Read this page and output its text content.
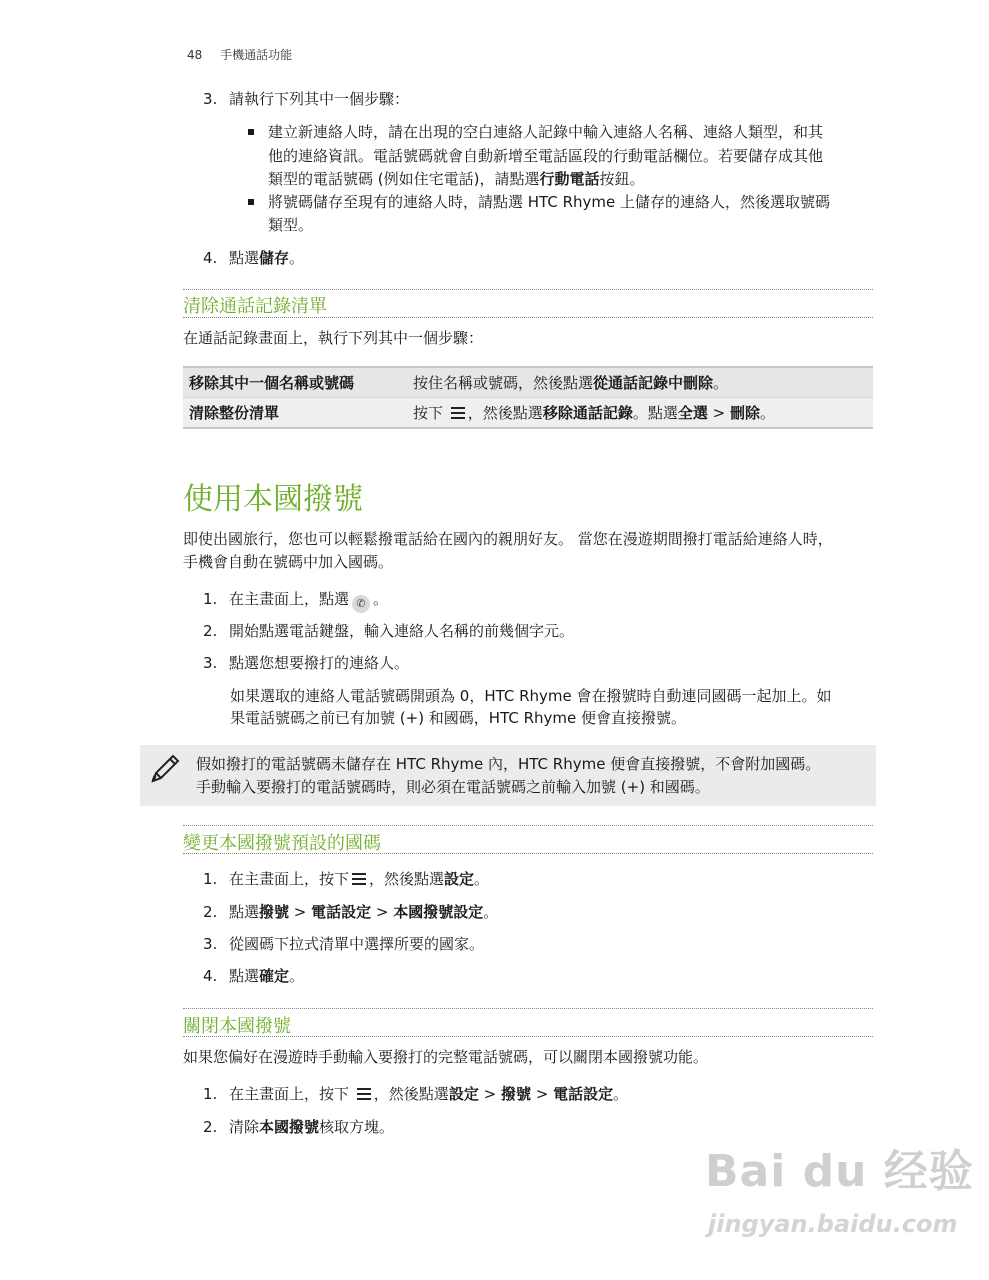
48 手機通話功能
3. 請執行下列其中一個步驟：
建立新連絡人時，請在出現的空白連絡人記錄中輸入連絡人名稱、連絡人類型，和其
他的連絡資訊。電話號碼就會自動新增至電話區段的行動電話欄位。若要儲存成其他
類型的電話號碼 (例如住宅電話)，請點選行動電話按鈕。
將號碼儲存至現有的連絡人時，請點選 HTC Rhyme 上儲存的連絡人，然後選取號碼
類型。
4. 點選儲存。
清除通話記錄清單
在通話記錄畫面上，執行下列其中一個步驟：
移除其中一個名稱或號碼	按住名稱或號碼，然後點選從通話記錄中刪除。
清除整份清單	按下 ，然後點選移除通話記錄。點選全選 > 刪除。
使用本國撥號
即使出國旅行，您也可以輕鬆撥電話給在國內的親朋好友。 當您在漫遊期間撥打電話給連絡人時，
手機會自動在號碼中加入國碼。
1. 在主畫面上，點選 ✆ 。
2. 開始點選電話鍵盤，輸入連絡人名稱的前幾個字元。
3. 點選您想要撥打的連絡人。
如果選取的連絡人電話號碼開頭為 0，HTC Rhyme 會在撥號時自動連同國碼一起加上。如
果電話號碼之前已有加號 (+) 和國碼，HTC Rhyme 便會直接撥號。
假如撥打的電話號碼未儲存在 HTC Rhyme 內，HTC Rhyme 便會直接撥號，不會附加國碼。
手動輸入要撥打的電話號碼時，則必須在電話號碼之前輸入加號 (+) 和國碼。
變更本國撥號預設的國碼
1. 在主畫面上，按下 ，然後點選設定。
2. 點選撥號 > 電話設定 > 本國撥號設定。
3. 從國碼下拉式清單中選擇所要的國家。
4. 點選確定。
關閉本國撥號
如果您偏好在漫遊時手動輸入要撥打的完整電話號碼，可以關閉本國撥號功能。
1. 在主畫面上，按下 ，然後點選設定 > 撥號 > 電話設定。
2. 清除本國撥號核取方塊。
Bai du 经验
jingyan.baidu.com
